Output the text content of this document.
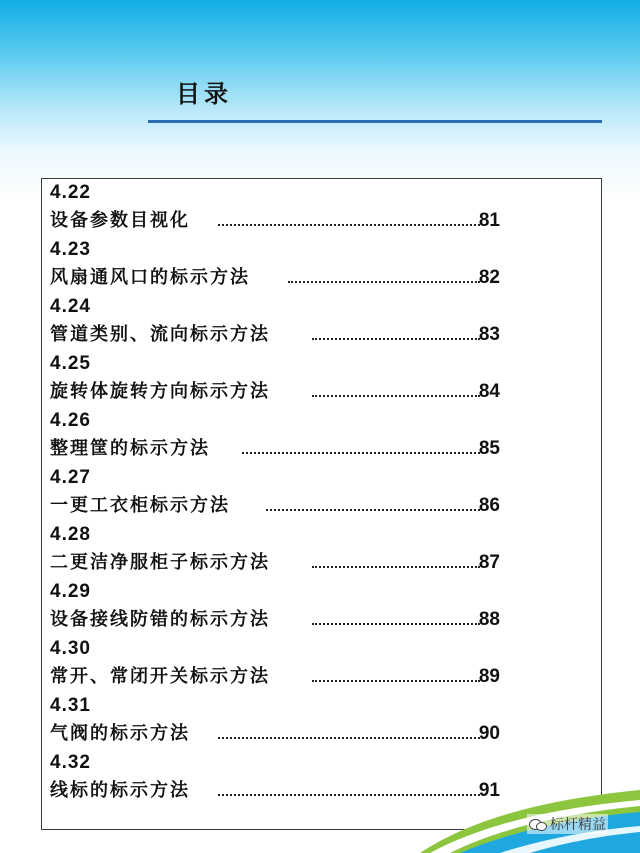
目录
4.22
设备参数目视化	81
4.23
风扇通风口的标示方法	82
4.24
管道类别、流向标示方法	83
4.25
旋转体旋转方向标示方法	84
4.26
整理筐的标示方法	85
4.27
一更工衣柜标示方法	86
4.28
二更洁净服柜子标示方法	87
4.29
设备接线防错的标示方法	88
4.30
常开、常闭开关标示方法	89
4.31
气阀的标示方法	90
4.32
线标的标示方法	91
标杆精益
